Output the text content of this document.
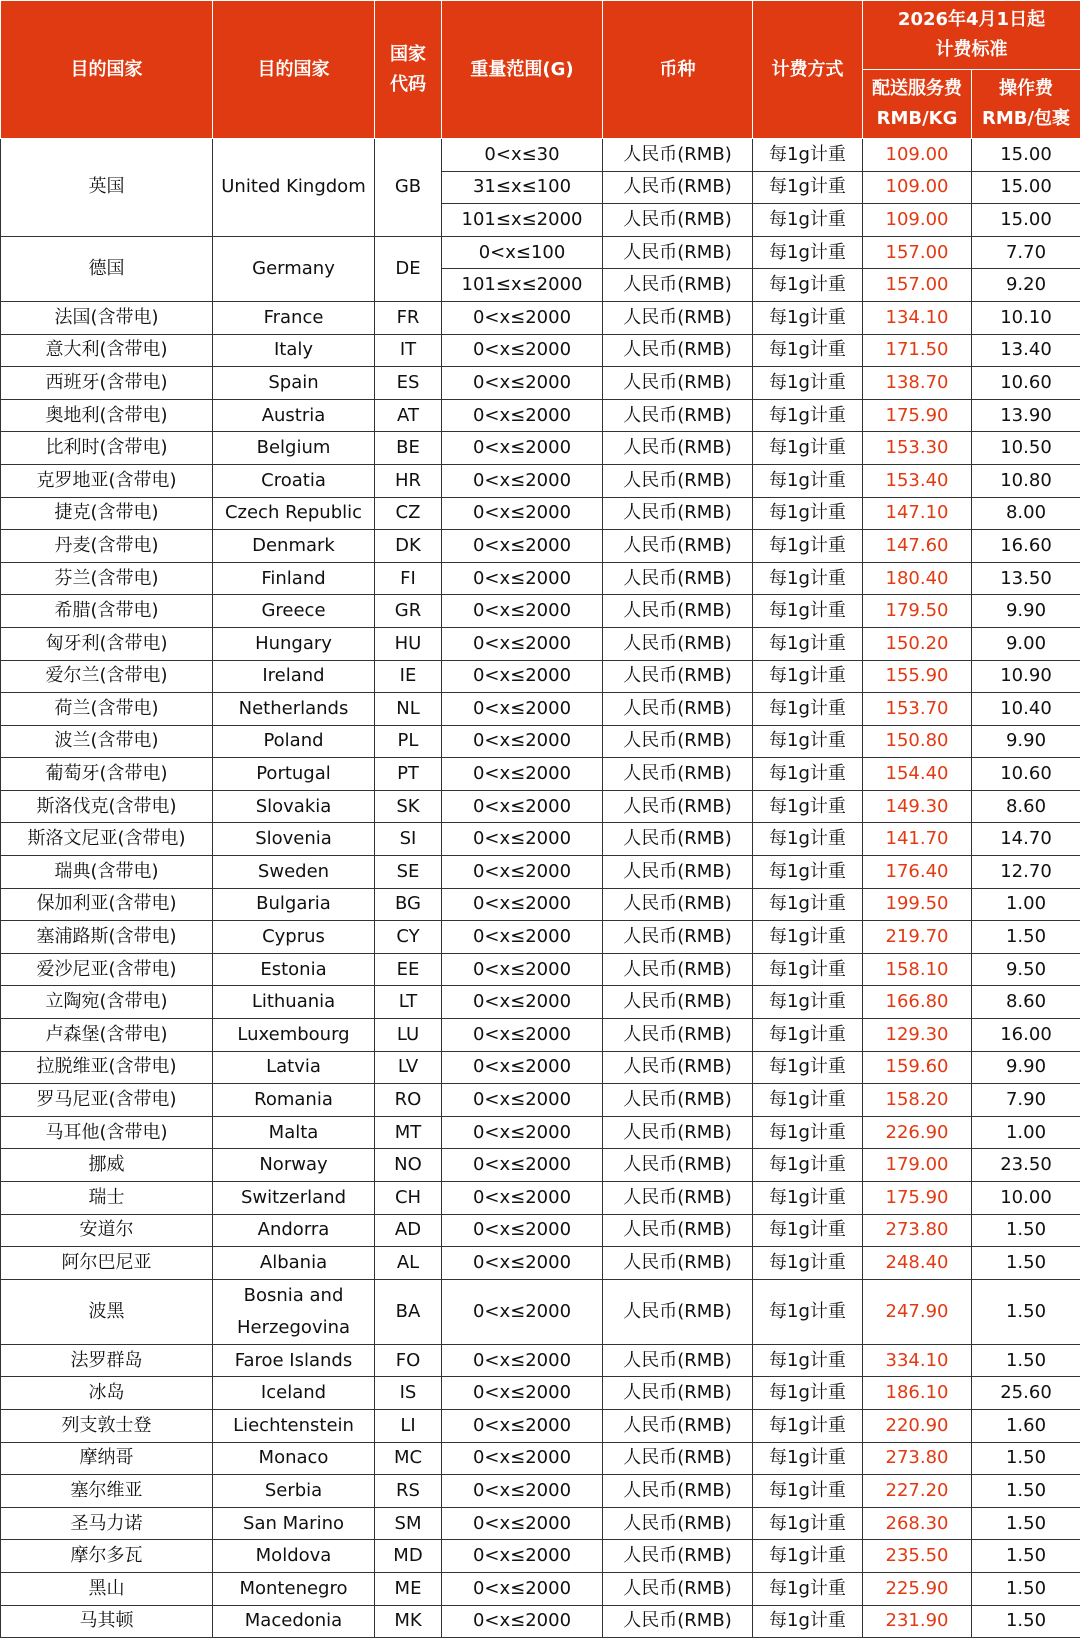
目的国家	目的国家	国家代码	重量范围(G)	币种	计费方式	2026年4月1日起计费标准	
						配送服务费 RMB/KG	操作费 RMB/包裹
英国	United Kingdom	GB	0<x≤30	人民币(RMB)	每1g计重	109.00	15.00
			31≤x≤100	人民币(RMB)	每1g计重	109.00	15.00
			101≤x≤2000	人民币(RMB)	每1g计重	109.00	15.00
德国	Germany	DE	0<x≤100	人民币(RMB)	每1g计重	157.00	7.70
			101≤x≤2000	人民币(RMB)	每1g计重	157.00	9.20
法国(含带电)	France	FR	0<x≤2000	人民币(RMB)	每1g计重	134.10	10.10
意大利(含带电)	Italy	IT	0<x≤2000	人民币(RMB)	每1g计重	171.50	13.40
西班牙(含带电)	Spain	ES	0<x≤2000	人民币(RMB)	每1g计重	138.70	10.60
奥地利(含带电)	Austria	AT	0<x≤2000	人民币(RMB)	每1g计重	175.90	13.90
比利时(含带电)	Belgium	BE	0<x≤2000	人民币(RMB)	每1g计重	153.30	10.50
克罗地亚(含带电)	Croatia	HR	0<x≤2000	人民币(RMB)	每1g计重	153.40	10.80
捷克(含带电)	Czech Republic	CZ	0<x≤2000	人民币(RMB)	每1g计重	147.10	8.00
丹麦(含带电)	Denmark	DK	0<x≤2000	人民币(RMB)	每1g计重	147.60	16.60
芬兰(含带电)	Finland	FI	0<x≤2000	人民币(RMB)	每1g计重	180.40	13.50
希腊(含带电)	Greece	GR	0<x≤2000	人民币(RMB)	每1g计重	179.50	9.90
匈牙利(含带电)	Hungary	HU	0<x≤2000	人民币(RMB)	每1g计重	150.20	9.00
爱尔兰(含带电)	Ireland	IE	0<x≤2000	人民币(RMB)	每1g计重	155.90	10.90
荷兰(含带电)	Netherlands	NL	0<x≤2000	人民币(RMB)	每1g计重	153.70	10.40
波兰(含带电)	Poland	PL	0<x≤2000	人民币(RMB)	每1g计重	150.80	9.90
葡萄牙(含带电)	Portugal	PT	0<x≤2000	人民币(RMB)	每1g计重	154.40	10.60
斯洛伐克(含带电)	Slovakia	SK	0<x≤2000	人民币(RMB)	每1g计重	149.30	8.60
斯洛文尼亚(含带电)	Slovenia	SI	0<x≤2000	人民币(RMB)	每1g计重	141.70	14.70
瑞典(含带电)	Sweden	SE	0<x≤2000	人民币(RMB)	每1g计重	176.40	12.70
保加利亚(含带电)	Bulgaria	BG	0<x≤2000	人民币(RMB)	每1g计重	199.50	1.00
塞浦路斯(含带电)	Cyprus	CY	0<x≤2000	人民币(RMB)	每1g计重	219.70	1.50
爱沙尼亚(含带电)	Estonia	EE	0<x≤2000	人民币(RMB)	每1g计重	158.10	9.50
立陶宛(含带电)	Lithuania	LT	0<x≤2000	人民币(RMB)	每1g计重	166.80	8.60
卢森堡(含带电)	Luxembourg	LU	0<x≤2000	人民币(RMB)	每1g计重	129.30	16.00
拉脱维亚(含带电)	Latvia	LV	0<x≤2000	人民币(RMB)	每1g计重	159.60	9.90
罗马尼亚(含带电)	Romania	RO	0<x≤2000	人民币(RMB)	每1g计重	158.20	7.90
马耳他(含带电)	Malta	MT	0<x≤2000	人民币(RMB)	每1g计重	226.90	1.00
挪威	Norway	NO	0<x≤2000	人民币(RMB)	每1g计重	179.00	23.50
瑞士	Switzerland	CH	0<x≤2000	人民币(RMB)	每1g计重	175.90	10.00
安道尔	Andorra	AD	0<x≤2000	人民币(RMB)	每1g计重	273.80	1.50
阿尔巴尼亚	Albania	AL	0<x≤2000	人民币(RMB)	每1g计重	248.40	1.50
波黑	Bosnia and Herzegovina	BA	0<x≤2000	人民币(RMB)	每1g计重	247.90	1.50
法罗群岛	Faroe Islands	FO	0<x≤2000	人民币(RMB)	每1g计重	334.10	1.50
冰岛	Iceland	IS	0<x≤2000	人民币(RMB)	每1g计重	186.10	25.60
列支敦士登	Liechtenstein	LI	0<x≤2000	人民币(RMB)	每1g计重	220.90	1.60
摩纳哥	Monaco	MC	0<x≤2000	人民币(RMB)	每1g计重	273.80	1.50
塞尔维亚	Serbia	RS	0<x≤2000	人民币(RMB)	每1g计重	227.20	1.50
圣马力诺	San Marino	SM	0<x≤2000	人民币(RMB)	每1g计重	268.30	1.50
摩尔多瓦	Moldova	MD	0<x≤2000	人民币(RMB)	每1g计重	235.50	1.50
黑山	Montenegro	ME	0<x≤2000	人民币(RMB)	每1g计重	225.90	1.50
马其顿	Macedonia	MK	0<x≤2000	人民币(RMB)	每1g计重	231.90	1.50
